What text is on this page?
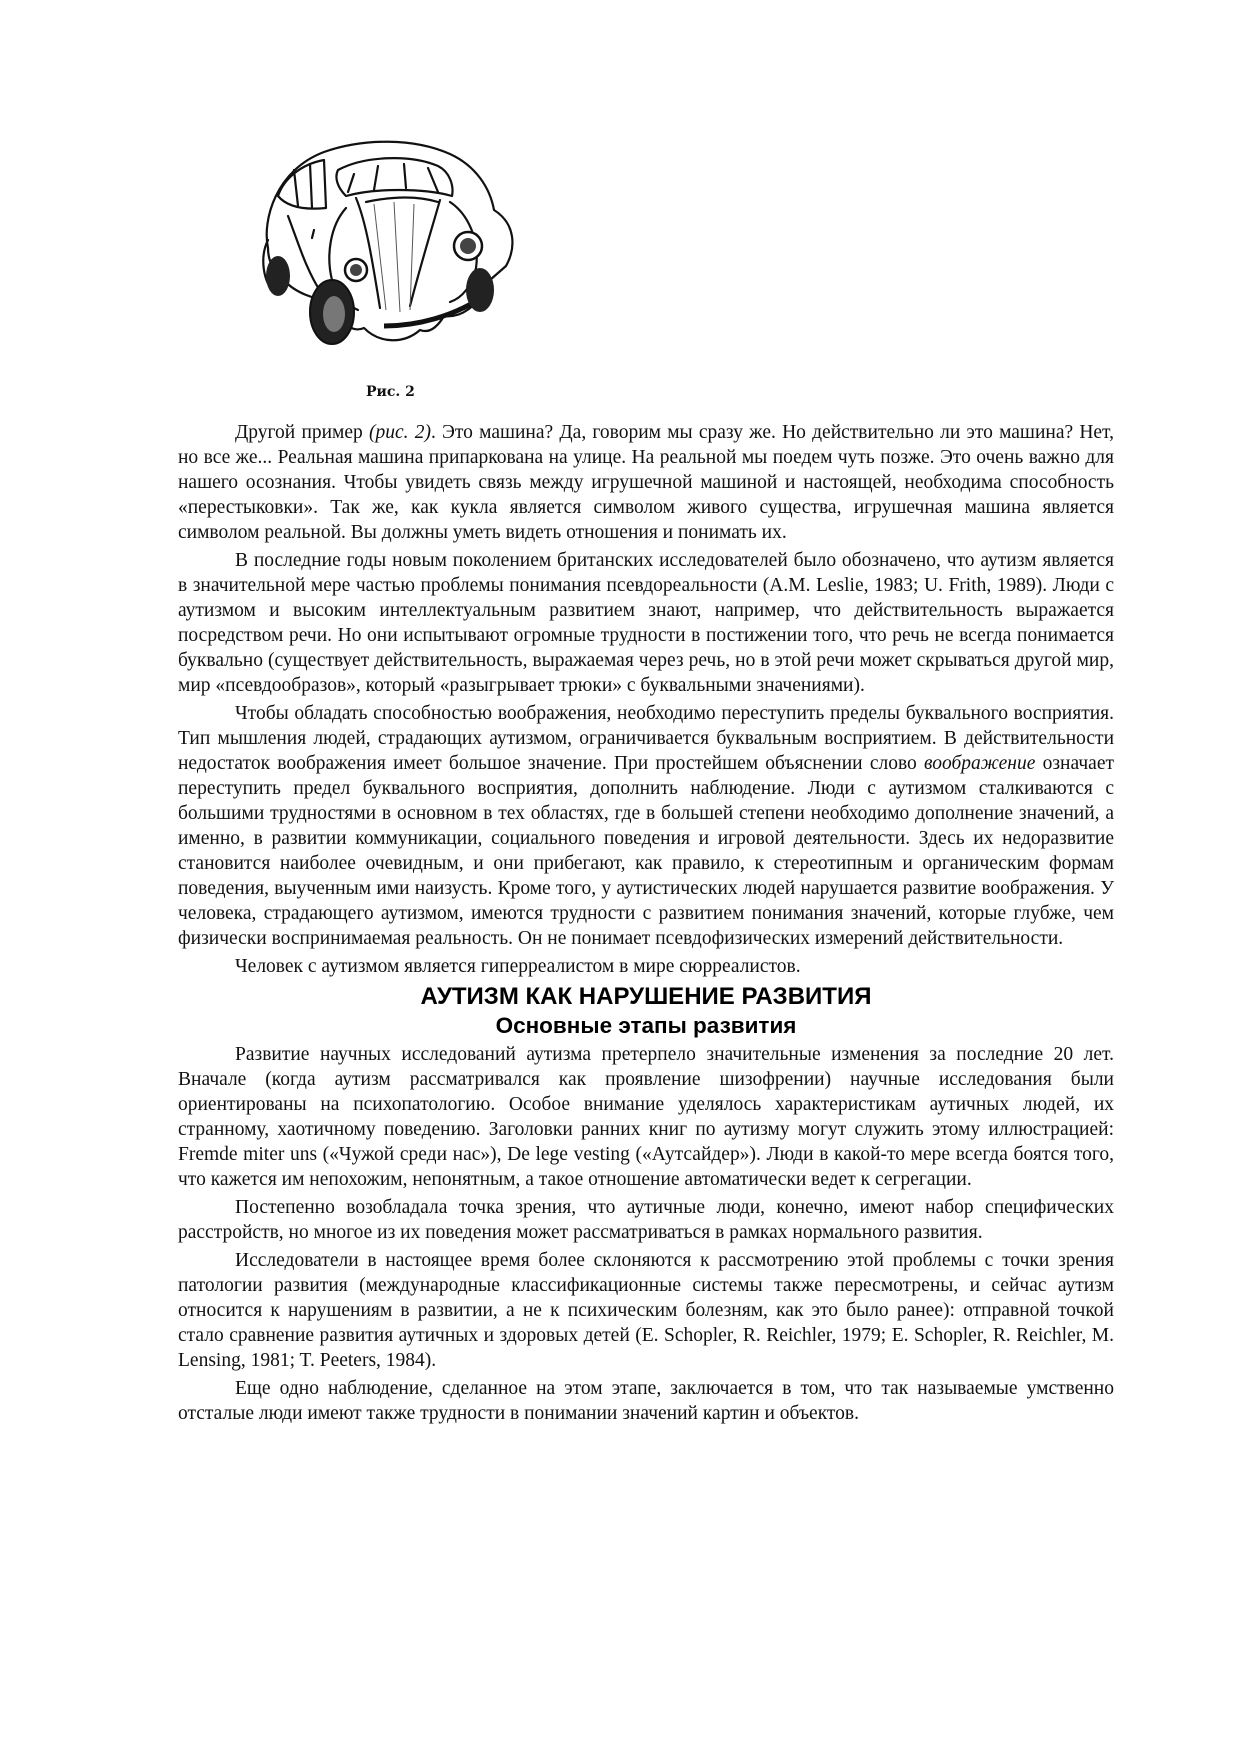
Рис. 2

Другой пример (рис. 2). Это машина? Да, говорим мы сразу же. Но действительно ли это машина? Нет, но все же... Реальная машина припаркована на улице. На реальной мы поедем чуть позже. Это очень важно для нашего осознания. Чтобы увидеть связь между игрушечной машиной и настоящей, необходима способность «перестыковки». Так же, как кукла является символом живого существа, игрушечная машина является символом реальной. Вы должны уметь видеть отношения и понимать их.

В последние годы новым поколением британских исследователей было обозначено, что аутизм является в значительной мере частью проблемы понимания псевдореальности (A.M. Leslie, 1983; U. Frith, 1989). Люди с аутизмом и высоким интеллектуальным развитием знают, например, что действительность выражается посредством речи. Но они испытывают огромные трудности в постижении того, что речь не всегда понимается буквально (существует действительность, выражаемая через речь, но в этой речи может скрываться другой мир, мир «псевдообразов», который «разыгрывает трюки» с буквальными значениями).

Чтобы обладать способностью воображения, необходимо переступить пределы буквального восприятия. Тип мышления людей, страдающих аутизмом, ограничивается буквальным восприятием. В действительности недостаток воображения имеет большое значение. При простейшем объяснении слово воображение означает переступить предел буквального восприятия, дополнить наблюдение. Люди с аутизмом сталкиваются с большими трудностями в основном в тех областях, где в большей степени необходимо дополнение значений, а именно, в развитии коммуникации, социального поведения и игровой деятельности. Здесь их недоразвитие становится наиболее очевидным, и они прибегают, как правило, к стереотипным и органическим формам поведения, выученным ими наизусть. Кроме того, у аутистических людей нарушается развитие воображения. У человека, страдающего аутизмом, имеются трудности с развитием понимания значений, которые глубже, чем физически воспринимаемая реальность. Он не понимает псевдофизических измерений действительности.

Человек с аутизмом является гиперреалистом в мире сюрреалистов.

АУТИЗМ КАК НАРУШЕНИЕ РАЗВИТИЯ
Основные этапы развития

Развитие научных исследований аутизма претерпело значительные изменения за последние 20 лет. Вначале (когда аутизм рассматривался как проявление шизофрении) научные исследования были ориентированы на психопатологию. Особое внимание уделялось характеристикам аутичных людей, их странному, хаотичному поведению. Заголовки ранних книг по аутизму могут служить этому иллюстрацией: Fremde miter uns («Чужой среди нас»), De lege vesting («Аутсайдер»). Люди в какой-то мере всегда боятся того, что кажется им непохожим, непонятным, а такое отношение автоматически ведет к сегрегации.

Постепенно возобладала точка зрения, что аутичные люди, конечно, имеют набор специфических расстройств, но многое из их поведения может рассматриваться в рамках нормального развития.

Исследователи в настоящее время более склоняются к рассмотрению этой проблемы с точки зрения патологии развития (международные классификационные системы также пересмотрены, и сейчас аутизм относится к нарушениям в развитии, а не к психическим болезням, как это было ранее): отправной точкой стало сравнение развития аутичных и здоровых детей (E. Schopler, R. Reichler, 1979; E. Schopler, R. Reichler, M. Lensing, 1981; T. Peeters, 1984).

Еще одно наблюдение, сделанное на этом этапе, заключается в том, что так называемые умственно отсталые люди имеют также трудности в понимании значений картин и объектов.
